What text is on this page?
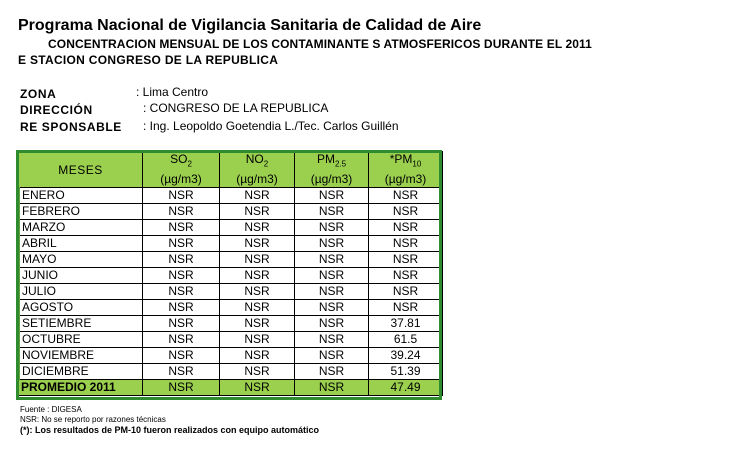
Programa Nacional de Vigilancia Sanitaria de Calidad de Aire
CONCENTRACION MENSUAL DE LOS CONTAMINANTE S ATMOSFERICOS DURANTE EL 2011
E STACION CONGRESO DE LA REPUBLICA
ZONA	: Lima Centro
DIRECCIÓN	: CONGRESO DE LA REPUBLICA
RE SPONSABLE : Ing. Leopoldo Goetendia L./Tec. Carlos Guillén
MESES	$SO_2$	$NO_2$	$PM_{2.5}$	$*PM_{10}$
	(µg/m3)	(µg/m3)	(µg/m3)	(µg/m3)
ENERO	NSR	NSR	NSR	NSR
FEBRERO	NSR	NSR	NSR	NSR
MARZO	NSR	NSR	NSR	NSR
ABRIL	NSR	NSR	NSR	NSR
MAYO	NSR	NSR	NSR	NSR
JUNIO	NSR	NSR	NSR	NSR
JULIO	NSR	NSR	NSR	NSR
AGOSTO	NSR	NSR	NSR	NSR
SETIEMBRE	NSR	NSR	NSR	37.81
OCTUBRE	NSR	NSR	NSR	61.5
NOVIEMBRE	NSR	NSR	NSR	39.24
DICIEMBRE	NSR	NSR	NSR	51.39
PROMEDIO 2011	NSR	NSR	NSR	47.49
Fuente : DIGESA
NSR: No se reporto por razones técnicas
(*): Los resultados de PM-10 fueron realizados con equipo automático
